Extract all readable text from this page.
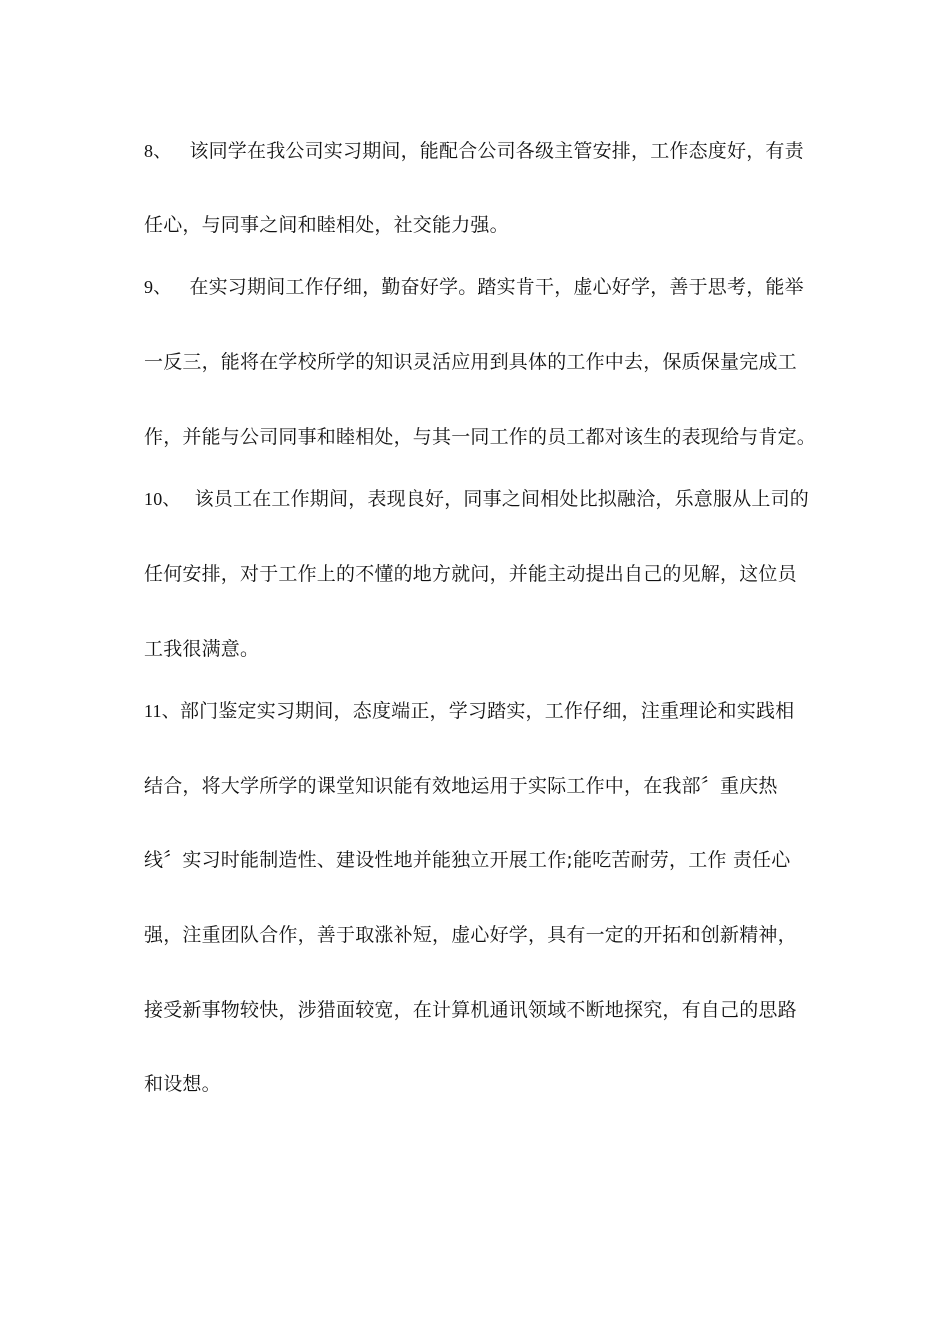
8、 该同学在我公司实习期间，能配合公司各级主管安排，工作态度好，有责
任心，与同事之间和睦相处，社交能力强。
9、 在实习期间工作仔细，勤奋好学。踏实肯干，虚心好学，善于思考，能举
一反三，能将在学校所学的知识灵活应用到具体的工作中去，保质保量完成工
作，并能与公司同事和睦相处，与其一同工作的员工都对该生的表现给与肯定。
10、 该员工在工作期间，表现良好，同事之间相处比拟融洽，乐意服从上司的
任何安排，对于工作上的不懂的地方就问，并能主动提出自己的见解，这位员
工我很满意。
11、部门鉴定实习期间，态度端正，学习踏实，工作仔细，注重理论和实践相
结合，将大学所学的课堂知识能有效地运用于实际工作中，在我部〞重庆热
线〞实习时能制造性、建设性地并能独立开展工作;能吃苦耐劳，工作 责任心
强，注重团队合作，善于取涨补短，虚心好学，具有一定的开拓和创新精神，
接受新事物较快，涉猎面较宽，在计算机通讯领域不断地探究，有自己的思路
和设想。
